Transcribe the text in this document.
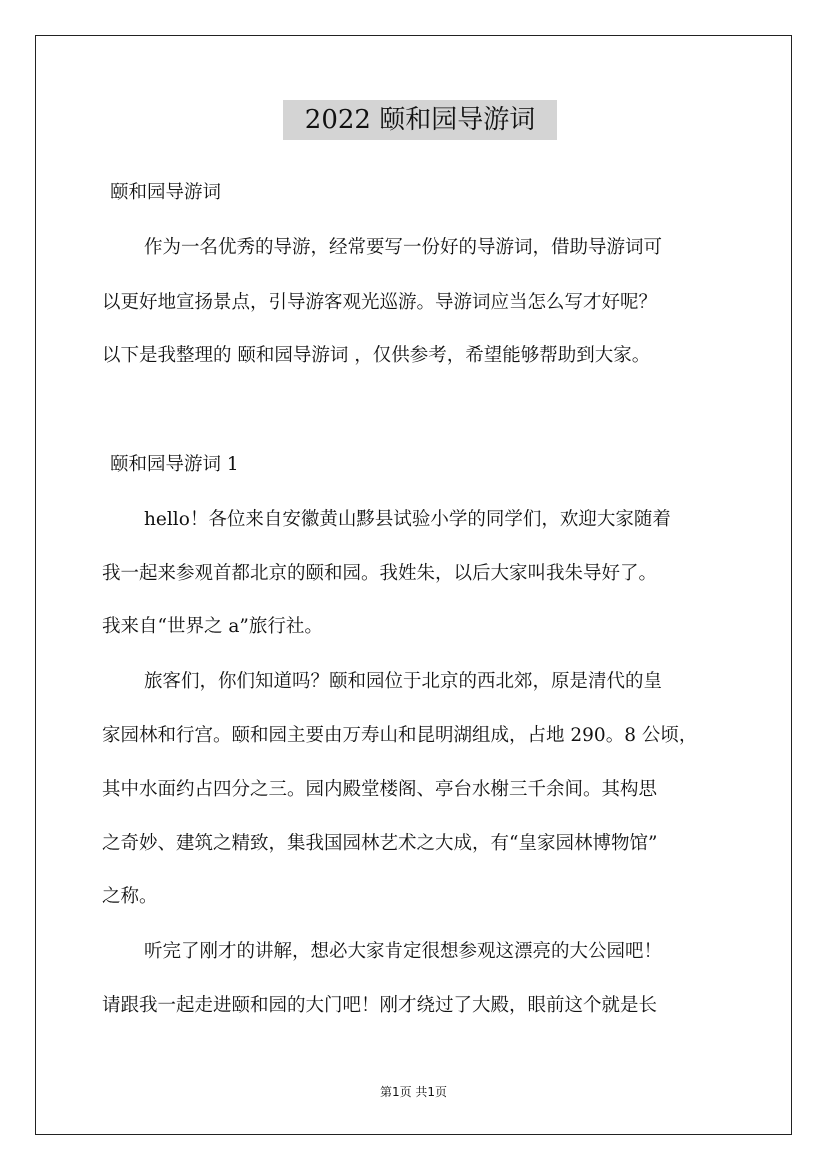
2022 颐和园导游词
颐和园导游词
作为一名优秀的导游，经常要写一份好的导游词，借助导游词可
以更好地宣扬景点，引导游客观光巡游。导游词应当怎么写才好呢？
以下是我整理的 颐和园导游词 ，仅供参考，希望能够帮助到大家。
颐和园导游词 1
hello！各位来自安徽黄山黟县试验小学的同学们，欢迎大家随着
我一起来参观首都北京的颐和园。我姓朱，以后大家叫我朱导好了。
我来自“世界之 a”旅行社。
旅客们，你们知道吗？颐和园位于北京的西北郊，原是清代的皇
家园林和行宫。颐和园主要由万寿山和昆明湖组成，占地 290。8 公顷，
其中水面约占四分之三。园内殿堂楼阁、亭台水榭三千余间。其构思
之奇妙、建筑之精致，集我国园林艺术之大成，有“皇家园林博物馆”
之称。
听完了刚才的讲解，想必大家肯定很想参观这漂亮的大公园吧！
请跟我一起走进颐和园的大门吧！刚才绕过了大殿，眼前这个就是长
第1页 共1页
